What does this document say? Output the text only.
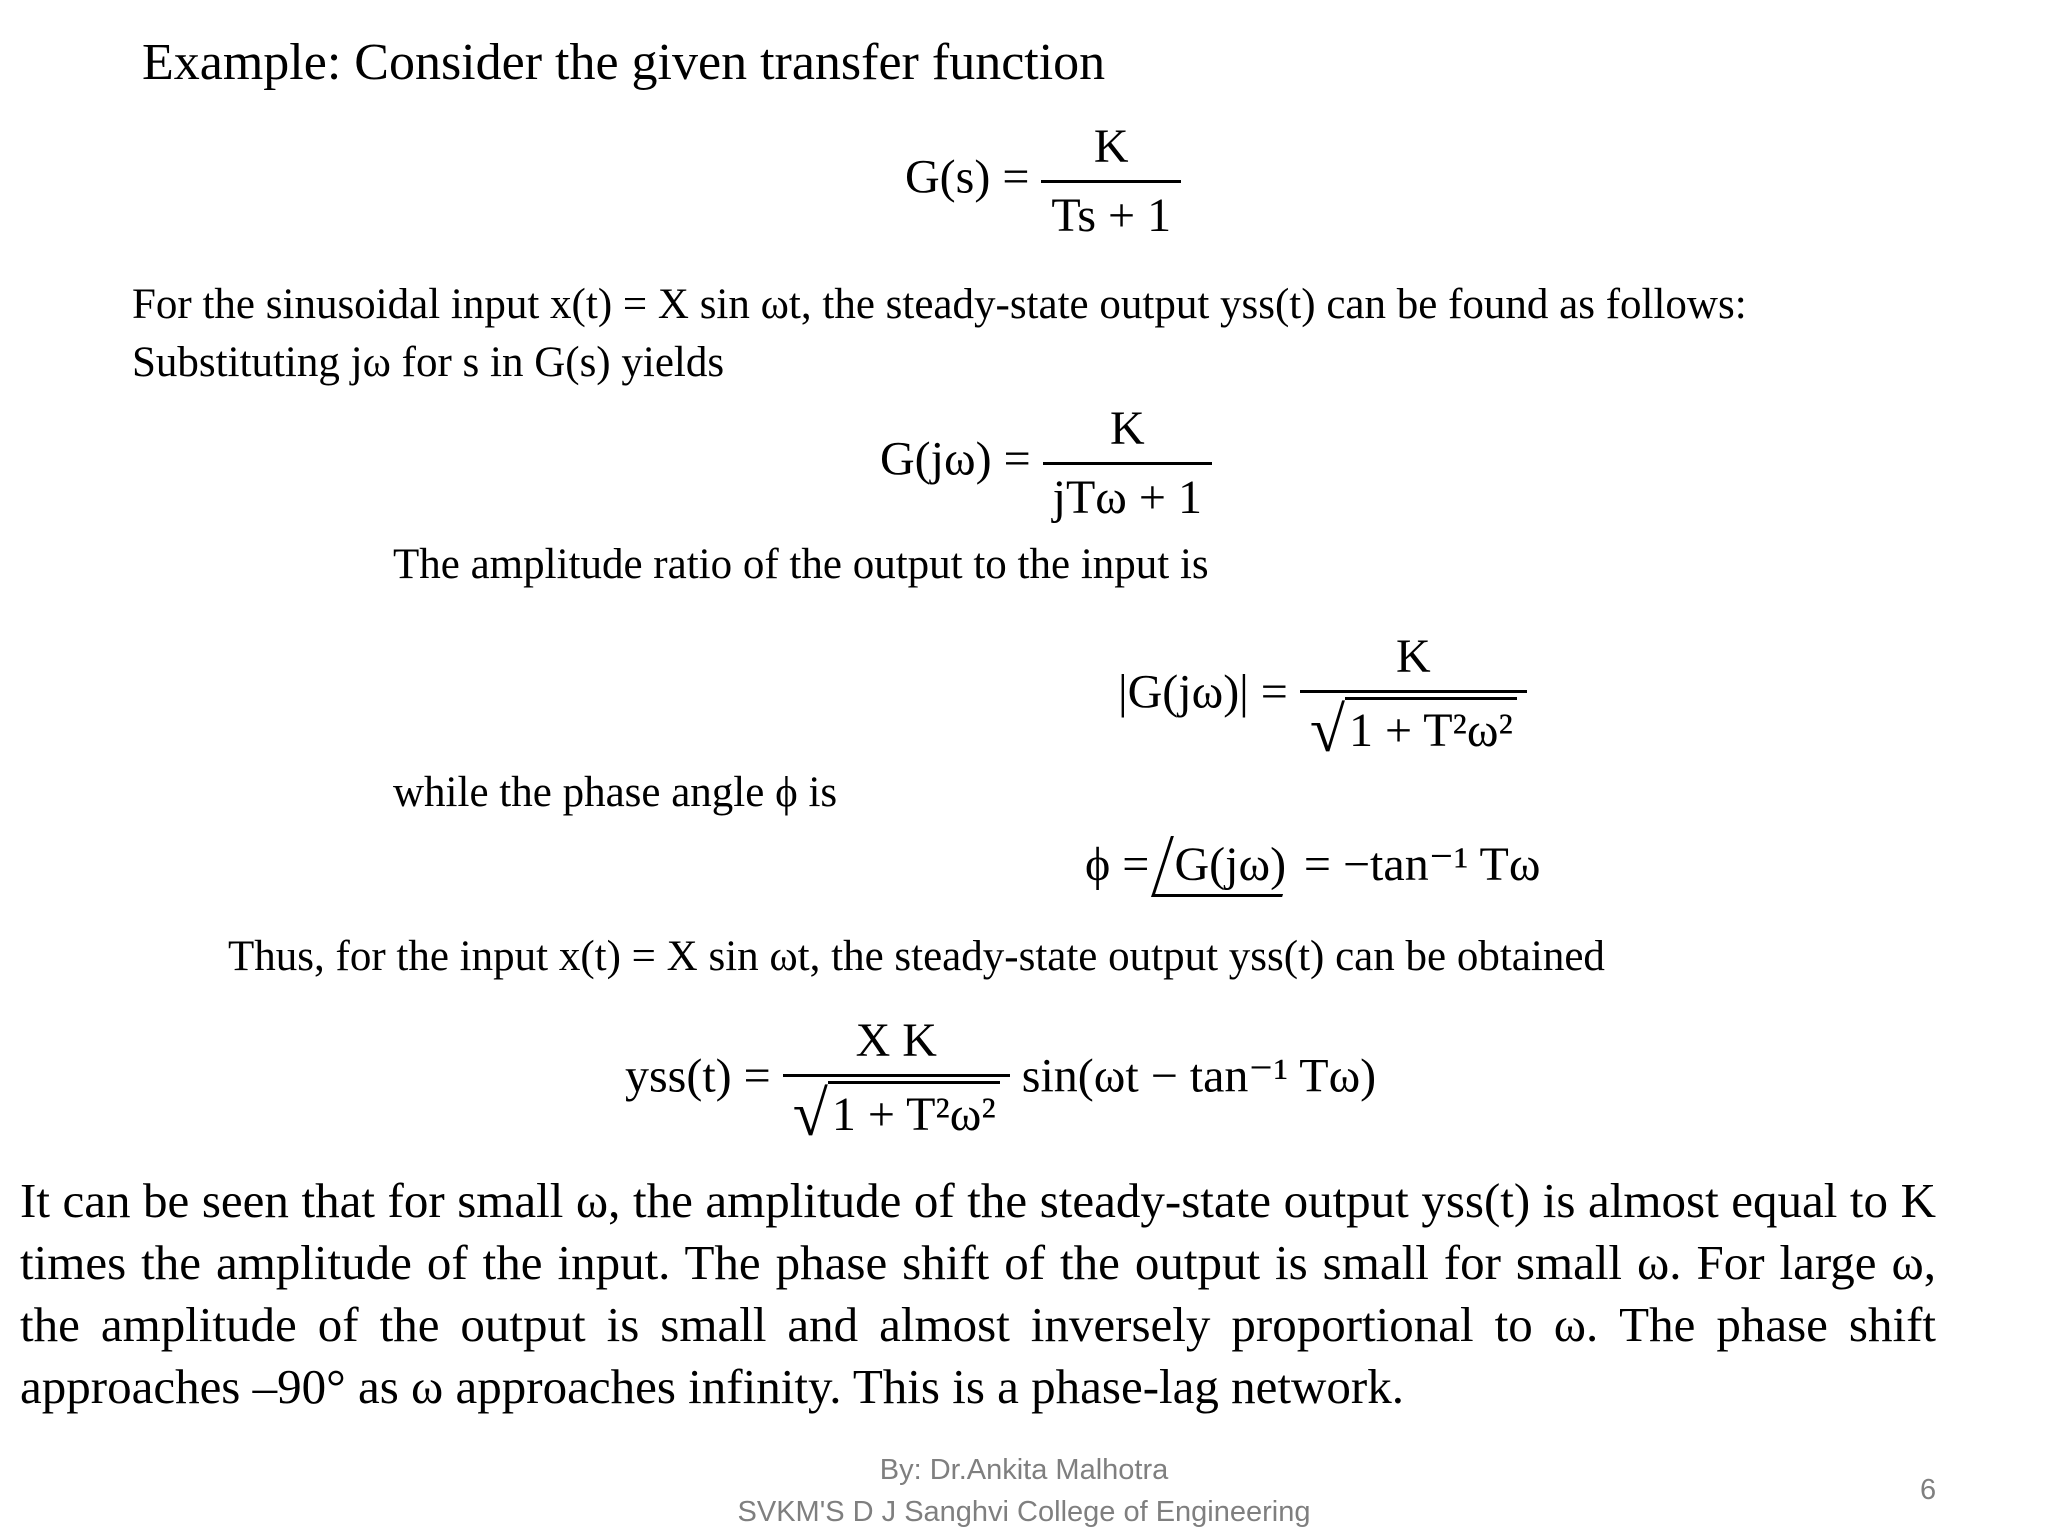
Example: Consider the given transfer function
$G(s) = \frac{K}{Ts + 1}$
For the sinusoidal input x(t) = X sin ωt, the steady-state output yss(t) can be found as follows:
Substituting jω for s in G(s) yields
$G(j\omega) = \frac{K}{\text{jTω + 1}}$
The amplitude ratio of the output to the input is
$|G(j\omega)| = \frac{K}{\text{√ 1 + T²ω²}}$
while the phase angle ϕ is
ϕ = G(jω) = −tan⁻¹ Tω
Thus, for the input x(t) = X sin ωt, the steady-state output yss(t) can be obtained
$yss(t) = \frac{\text{X K}}{\text{√ 1 + T²ω²}} \sin(\omega t - \tan^{-1}$ Tω)
It can be seen that for small ω, the amplitude of the steady-state output yss(t) is almost equal to K times the amplitude of the input. The phase shift of the output is small for small ω. For large ω, the amplitude of the output is small and almost inversely proportional to ω. The phase shift approaches –90° as ω approaches infinity. This is a phase-lag network.
By: Dr.Ankita Malhotra
SVKM'S D J Sanghvi College of Engineering
6
